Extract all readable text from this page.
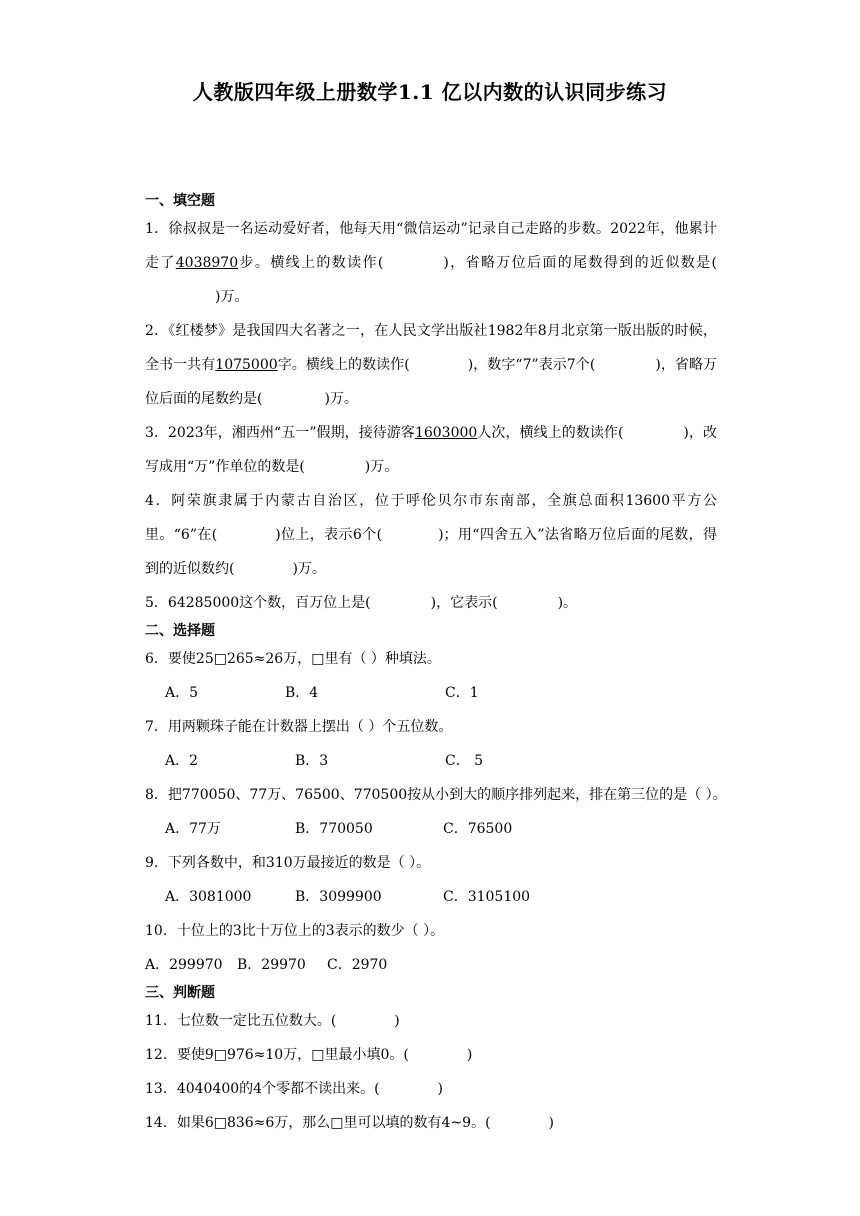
人教版四年级上册数学1.1 亿以内数的认识同步练习
一、填空题
1．徐叔叔是一名运动爱好者，他每天用“微信运动”记录自己走路的步数。2022年，他累计走了4038970步。横线上的数读作(	)，省略万位后面的尾数得到的近似数是()万。
2．《红楼梦》是我国四大名著之一，在人民文学出版社1982年8月北京第一版出版的时候，全书一共有1075000字。横线上的数读作(	)，数字“7”表示7个(	)，省略万位后面的尾数约是(	)万。
3．2023年，湘西州“五一”假期，接待游客1603000人次，横线上的数读作(	)，改写成用“万”作单位的数是(	)万。
4．阿荣旗隶属于内蒙古自治区，位于呼伦贝尔市东南部，全旗总面积13600平方公里。“6”在(	)位上，表示6个(	)；用“四舍五入”法省略万位后面的尾数，得到的近似数约(	)万。
5．64285000这个数，百万位上是(	)，它表示(	)。
二、选择题
6．要使25□265≈26万，□里有（ ）种填法。
A．5	B．4	C．1
7．用两颗珠子能在计数器上摆出（ ）个五位数。
A．2	B．3	C． 5
8．把770050、77万、76500、770500按从小到大的顺序排列起来，排在第三位的是（ ）。
A．77万	B．770050	C．76500
9．下列各数中，和310万最接近的数是（ ）。
A．3081000	B．3099900	C．3105100
10．十位上的3比十万位上的3表示的数少（ ）。
A．299970 B．29970 C．2970
三、判断题
11．七位数一定比五位数大。(	)
12．要使9□976≈10万，□里最小填0。(	)
13．4040400的4个零都不读出来。(	)
14．如果6□836≈6万，那么□里可以填的数有4~9。(	)
